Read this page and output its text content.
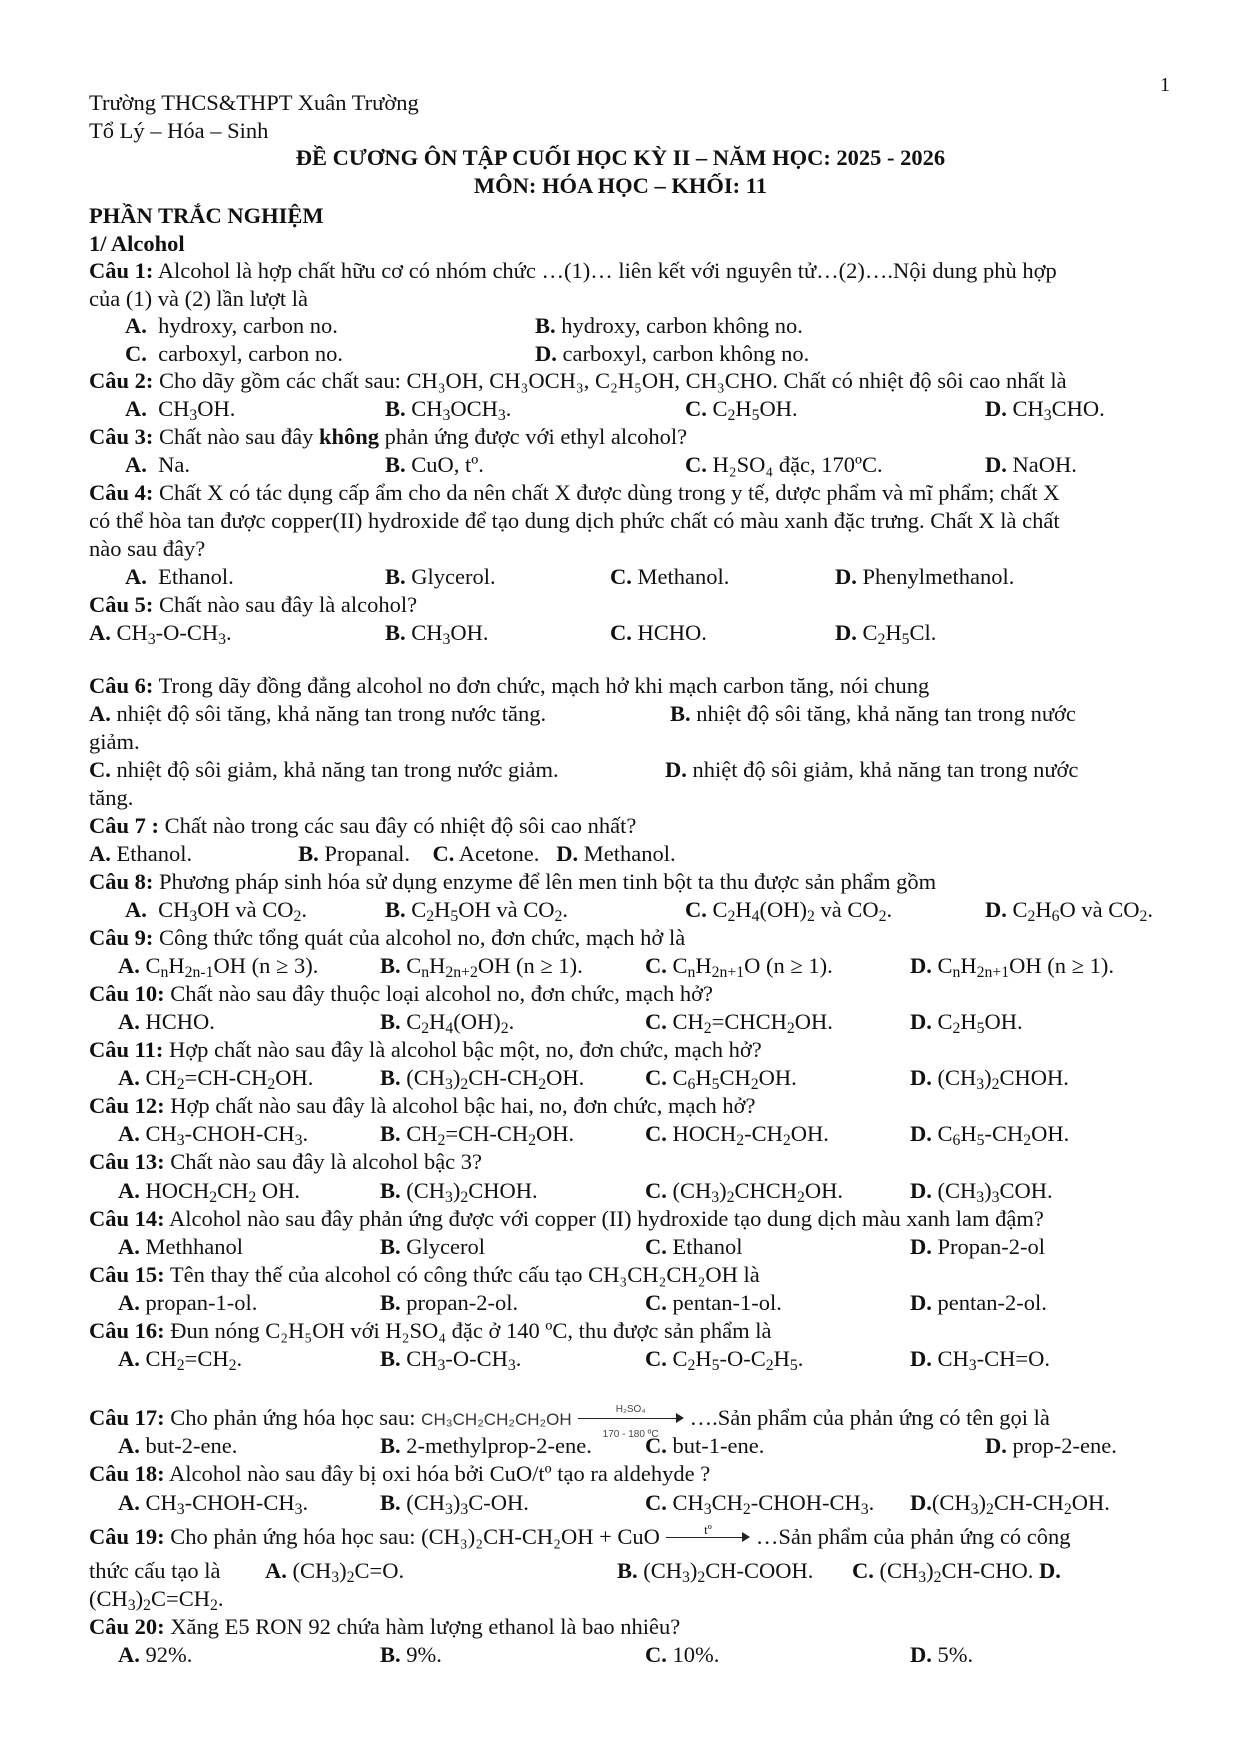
1
Trường THCS&THPT Xuân Trường
Tổ Lý – Hóa – Sinh
ĐỀ CƯƠNG ÔN TẬP CUỐI HỌC KỲ II – NĂM HỌC: 2025 - 2026
MÔN: HÓA HỌC – KHỐI: 11
PHẦN TRẮC NGHIỆM
1/ Alcohol
Câu 1: Alcohol là hợp chất hữu cơ có nhóm chức …(1)… liên kết với nguyên tử…(2)….Nội dung phù hợp
của (1) và (2) lần lượt là
A. hydroxy, carbon no.	B. hydroxy, carbon không no.
C. carboxyl, carbon no.	D. carboxyl, carbon không no.
Câu 2: Cho dãy gồm các chất sau: CH₃OH, CH₃OCH₃, C₂H₅OH, CH₃CHO. Chất có nhiệt độ sôi cao nhất là
A.  $CH_3OH$.	B. $CH_3OCH_3$.	C. $C_2H_5OH$.	D. $CH_3CHO$.
Câu 3: Chất nào sau đây không phản ứng được với ethyl alcohol?
A. Na.	B. CuO, tº.	C. H₂SO₄ đặc, 170ºC.	D. NaOH.
Câu 4: Chất X có tác dụng cấp ẩm cho da nên chất X được dùng trong y tế, dược phẩm và mĩ phẩm; chất X
có thể hòa tan được copper(II) hydroxide để tạo dung dịch phức chất có màu xanh đặc trưng. Chất X là chất
nào sau đây?
A. Ethanol.	B. Glycerol.	C. Methanol.	D. Phenylmethanol.
Câu 5: Chất nào sau đây là alcohol?
A. $CH_3-O-CH_3$.	B. $CH_3OH$.	C. HCHO.	D. $C_2H_5Cl$.
Câu 6: Trong dãy đồng đẳng alcohol no đơn chức, mạch hở khi mạch carbon tăng, nói chung
A. nhiệt độ sôi tăng, khả năng tan trong nước tăng.	B. nhiệt độ sôi tăng, khả năng tan trong nước
giảm.
C. nhiệt độ sôi giảm, khả năng tan trong nước giảm.	D. nhiệt độ sôi giảm, khả năng tan trong nước
tăng.
Câu 7 : Chất nào trong các sau đây có nhiệt độ sôi cao nhất?
A. Ethanol.	B. Propanal. C. Acetone. D. Methanol.
Câu 8: Phương pháp sinh hóa sử dụng enzyme để lên men tinh bột ta thu được sản phẩm gồm
A.  $CH_3OH$ và $CO_2$.	B. $C_2H_5OH$ và $CO_2$.	C. $C_2H_4(OH)_2$ và $CO_2$.	D. $C_2H_6O$ và $CO_2$.
Câu 9: Công thức tổng quát của alcohol no, đơn chức, mạch hở là
A. $C_nH_{2n-1}OH$ (n ≥ 3).	B. $C_nH_{2n+2}OH$ (n ≥ 1).	C. $C_nH_{2n+1}O$ (n ≥ 1).	D. $C_nH_{2n+1}OH$ (n ≥ 1).
Câu 10: Chất nào sau đây thuộc loại alcohol no, đơn chức, mạch hở?
A. HCHO.	B. $C_2H_4(OH)_2$.	C. $CH_2=CHCH_2OH$.	D. $C_2H_5OH$.
Câu 11: Hợp chất nào sau đây là alcohol bậc một, no, đơn chức, mạch hở?
A. $CH_2=CH-CH_2OH$.	B. $(CH_3)_2CH-CH_2OH$.	C. $C_6H_5CH_2OH$.	D. $(CH_3)_2CHOH$.
Câu 12: Hợp chất nào sau đây là alcohol bậc hai, no, đơn chức, mạch hở?
A. $CH_3-CHOH-CH_3$.	B. $CH_2=CH-CH_2OH$.	C. $HOCH_2-CH_2OH$.	D. $C_6H_5-CH_2OH$.
Câu 13: Chất nào sau đây là alcohol bậc 3?
A. $HOCH_2CH_2$ OH.	B. $(CH_3)_2CHOH$.	C. $(CH_3)_2CHCH_2OH$.	D. $(CH_3)_3COH$.
Câu 14: Alcohol nào sau đây phản ứng được với copper (II) hydroxide tạo dung dịch màu xanh lam đậm?
A. Methhanol	B. Glycerol	C. Ethanol	D. Propan-2-ol
Câu 15: Tên thay thế của alcohol có công thức cấu tạo CH₃CH₂CH₂OH là
A. propan-1-ol.	B. propan-2-ol.	C. pentan-1-ol.	D. pentan-2-ol.
Câu 16: Đun nóng C₂H₅OH với H₂SO₄ đặc ở 140 ºC, thu được sản phẩm là
A. $CH_2=CH_2$.	B. $CH_3-O-CH_3$.	C. $C_2H_5-O-C_2H_5$.	D. $CH_3-CH=O$.
Câu 17: Cho phản ứng hóa học sau: $CH_3CH_2CH_2CH_2OH \frac{\text{H₂SO₄}}{\text{170 - 180 ºC}}$ ….Sản phẩm của phản ứng có tên gọi là
A. but-2-ene.	B. 2-methylprop-2-ene. C. but-1-ene.	D. prop-2-ene.
Câu 18: Alcohol nào sau đây bị oxi hóa bởi CuO/tº tạo ra aldehyde ?
A. $CH_3-CHOH-CH_3$.	B. $(CH_3)_3C-OH$.	C. $CH_3CH_2-CHOH-CH_3$. $D.(CH_3)_2CH-CH_2OH$.
Câu 19: Cho phản ứng hóa học sau: (CH₃)₂CH-CH₂OH + CuO	tº	…Sản phẩm của phản ứng có công
thức cấu tạo là A. $(CH_3)_2C=O$.	B. $(CH_3)_2CH$-COOH. C. $(CH_3)_2CH$-CHO. D.
$(CH_3)_2C=CH_2$.
Câu 20: Xăng E5 RON 92 chứa hàm lượng ethanol là bao nhiêu?
A. 92%.	B. 9%.	C. 10%.	D. 5%.
